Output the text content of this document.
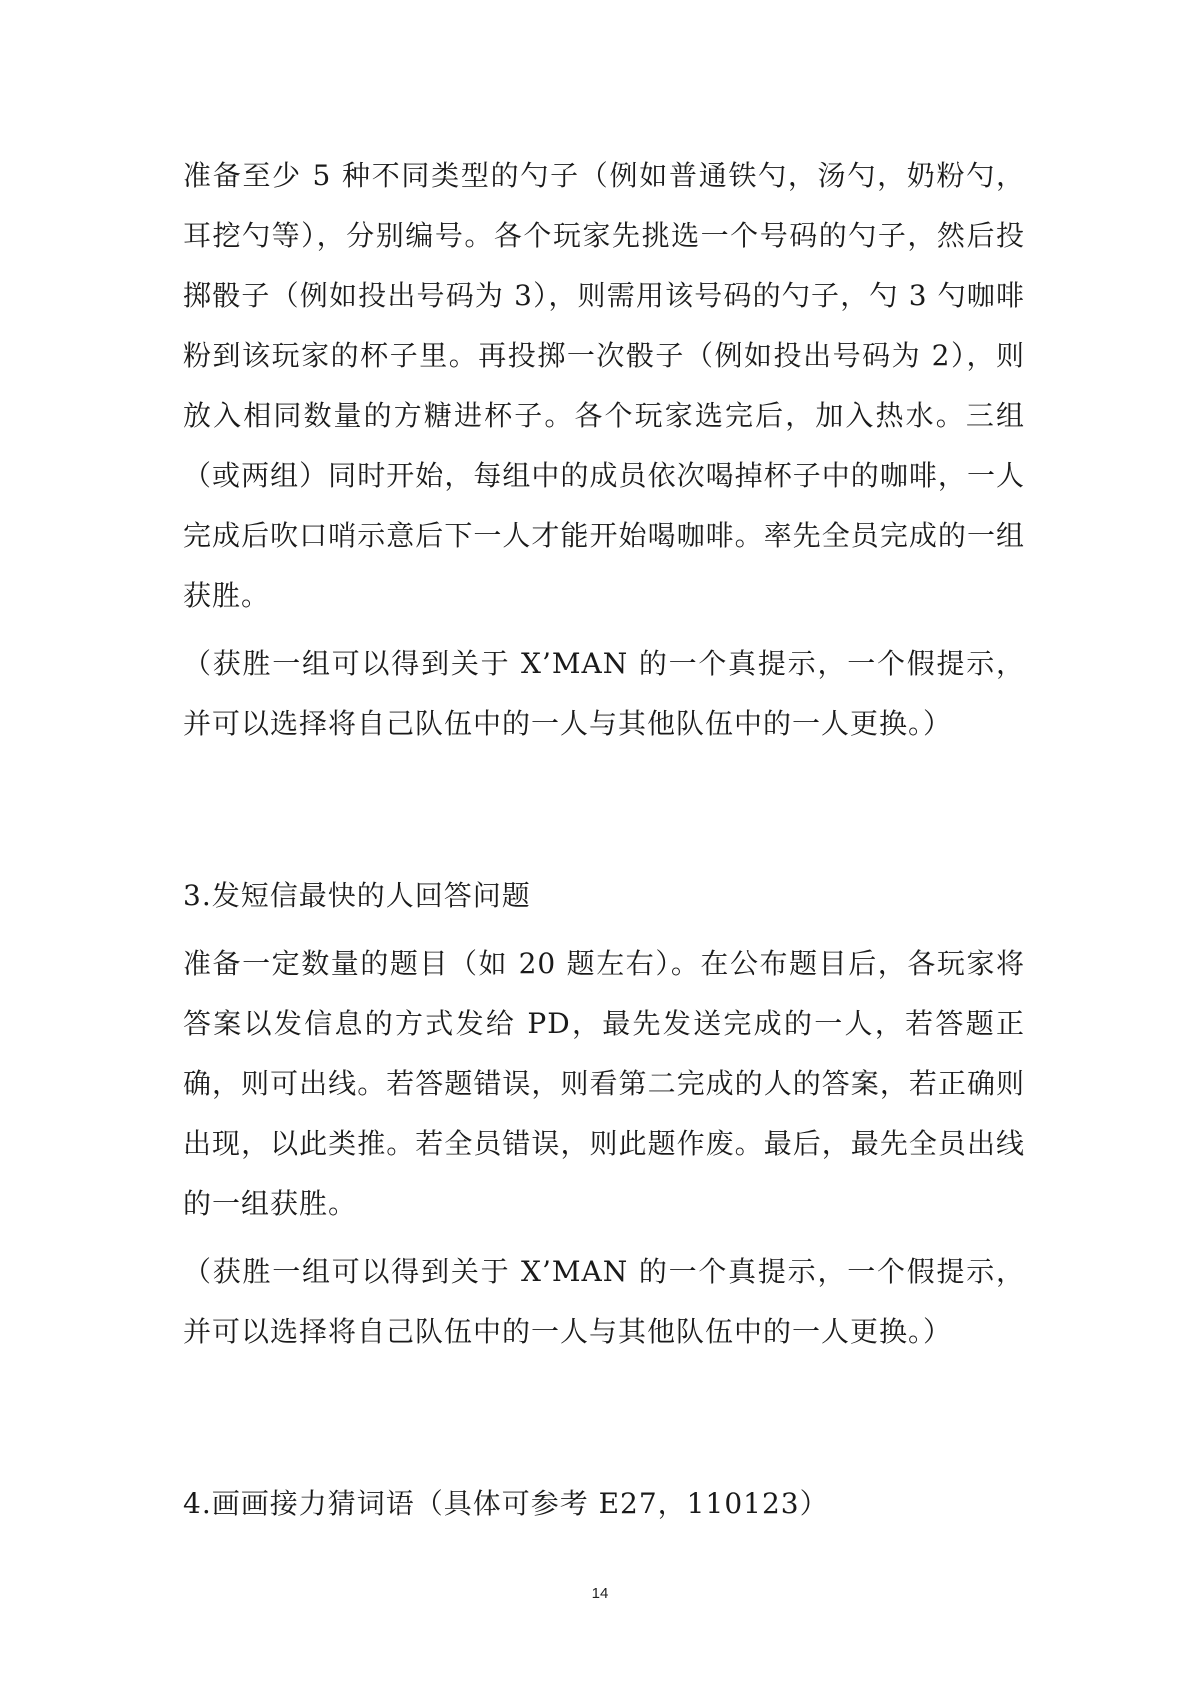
准备至少 5 种不同类型的勺子（例如普通铁勺，汤勺，奶粉勺，耳挖勺等），分别编号。各个玩家先挑选一个号码的勺子，然后投掷骰子（例如投出号码为 3），则需用该号码的勺子，勺 3 勺咖啡粉到该玩家的杯子里。再投掷一次骰子（例如投出号码为 2），则放入相同数量的方糖进杯子。各个玩家选完后，加入热水。三组（或两组）同时开始，每组中的成员依次喝掉杯子中的咖啡，一人完成后吹口哨示意后下一人才能开始喝咖啡。率先全员完成的一组获胜。

（获胜一组可以得到关于 X’MAN 的一个真提示，一个假提示，并可以选择将自己队伍中的一人与其他队伍中的一人更换。）

3.发短信最快的人回答问题

准备一定数量的题目（如 20 题左右）。在公布题目后，各玩家将答案以发信息的方式发给 PD，最先发送完成的一人，若答题正确，则可出线。若答题错误，则看第二完成的人的答案，若正确则出现，以此类推。若全员错误，则此题作废。最后，最先全员出线的一组获胜。

（获胜一组可以得到关于 X’MAN 的一个真提示，一个假提示，并可以选择将自己队伍中的一人与其他队伍中的一人更换。）

4.画画接力猜词语（具体可参考 E27，110123）

14
